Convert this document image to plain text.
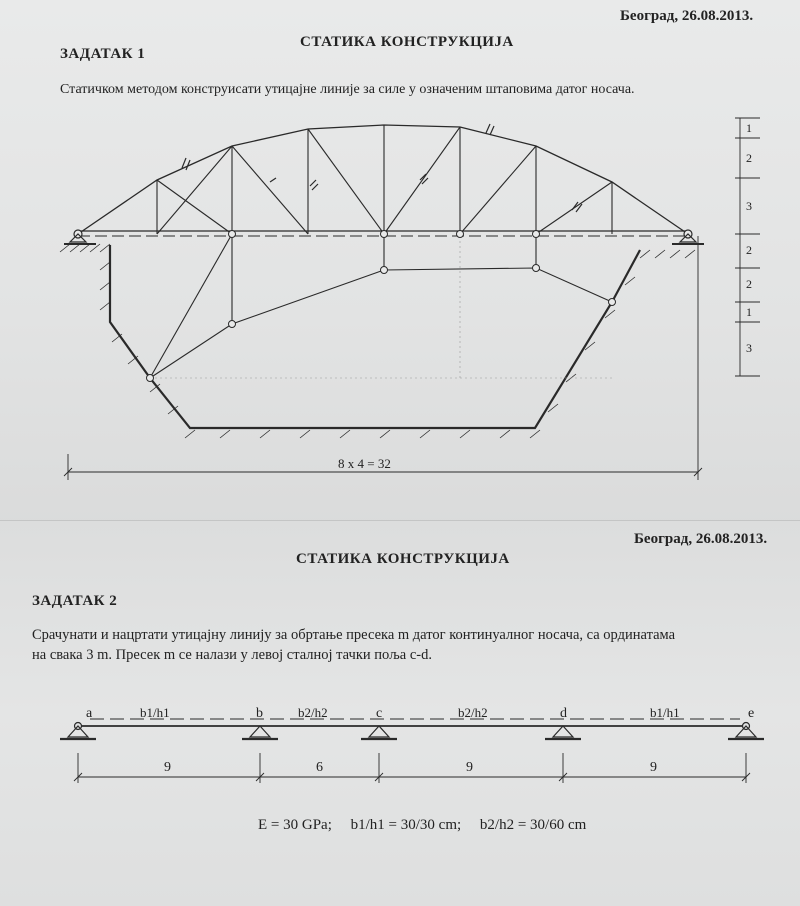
Београд, 26.08.2013.
СТАТИКА КОНСТРУКЦИЈА
ЗАДАТАК 1
Статичком методом конструисати утицајне линије за силе у означеним штаповима датог носача.
8 x 4 = 32
1
2
3
2
2
1
3
Београд, 26.08.2013.
СТАТИКА КОНСТРУКЦИЈА
ЗАДАТАК 2
Срачунати и нацртати утицајну линију за обртање пресека m датог континуалног носача, са ординатама
на свака 3 m. Пресек m се налази у левој сталној тачки поља c-d.
a	b	c	d	e
b1/h1	b2/h2	b2/h2	b1/h1
9	6	9	9
E = 30 GPa; b1/h1 = 30/30 cm; b2/h2 = 30/60 cm
